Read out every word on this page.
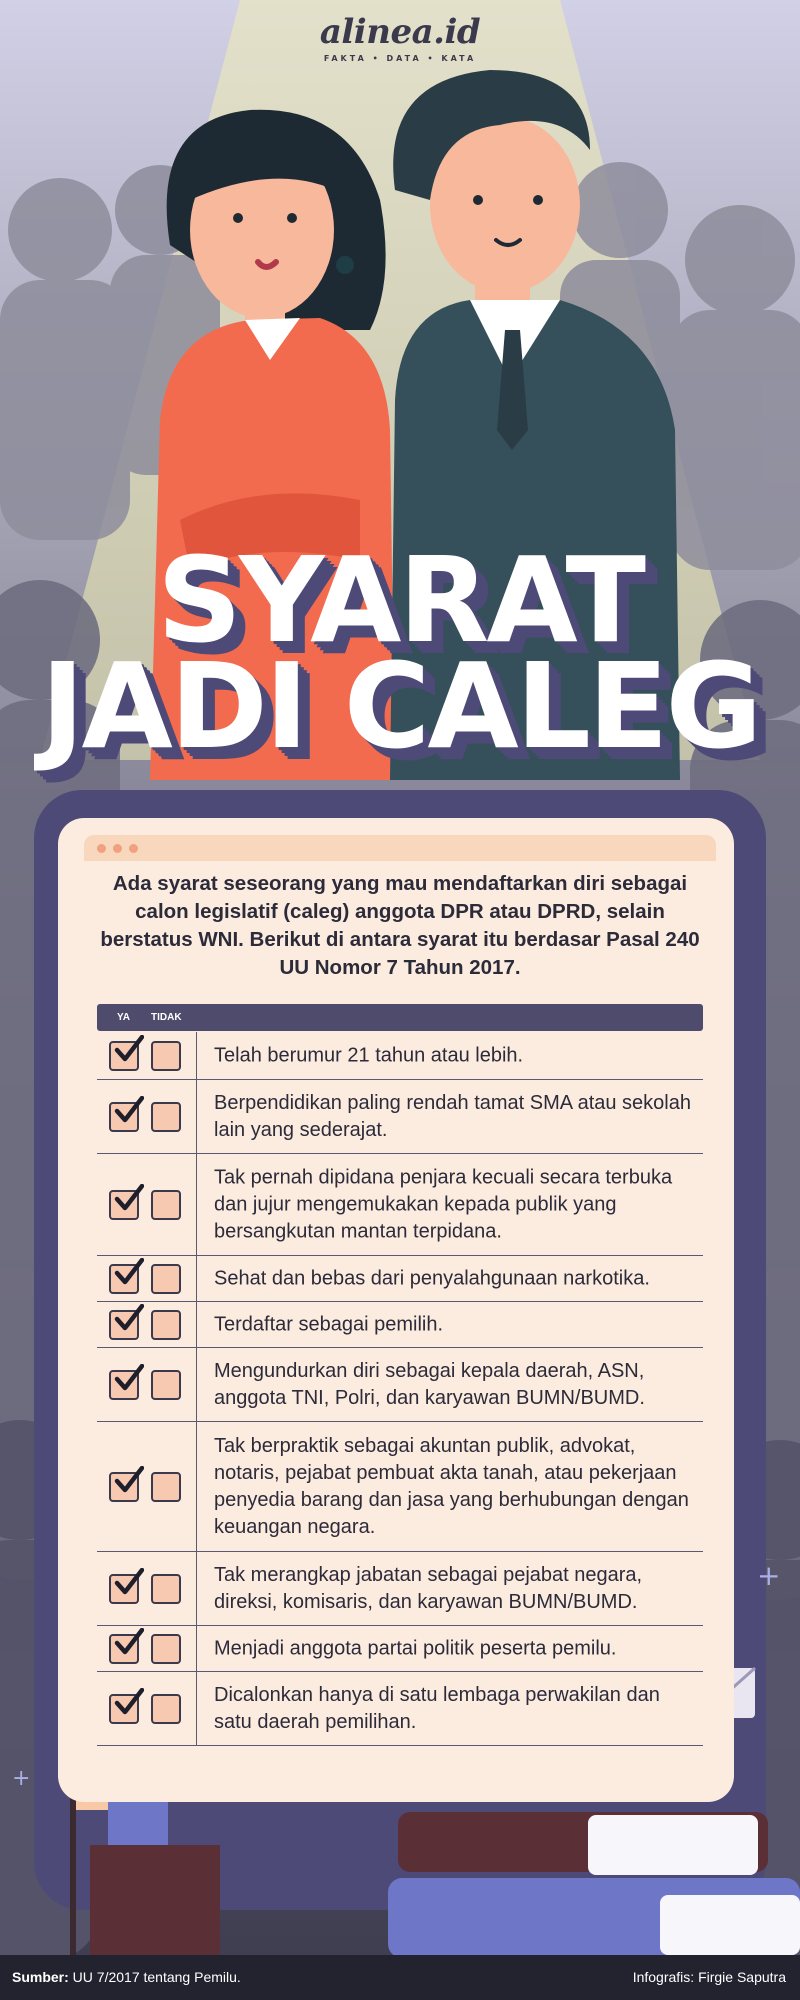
+
+
alinea.id
FAKTA • DATA • KATA
SYARAT
JADI CALEG
Ada syarat seseorang yang mau mendaftarkan diri sebagai calon legislatif (caleg) anggota DPR atau DPRD, selain berstatus WNI. Berikut di antara syarat itu berdasar Pasal 240 UU Nomor 7 Tahun 2017.
YA TIDAK
Telah berumur 21 tahun atau lebih.
Berpendidikan paling rendah tamat SMA atau sekolah lain yang sederajat.
Tak pernah dipidana penjara kecuali secara terbuka dan jujur mengemukakan kepada publik yang bersangkutan mantan terpidana.
Sehat dan bebas dari penyalahgunaan narkotika.
Terdaftar sebagai pemilih.
Mengundurkan diri sebagai kepala daerah, ASN, anggota TNI, Polri, dan karyawan BUMN/BUMD.
Tak berpraktik sebagai akuntan publik, advokat, notaris, pejabat pembuat akta tanah, atau pekerjaan penyedia barang dan jasa yang berhubungan dengan keuangan negara.
Tak merangkap jabatan sebagai pejabat negara, direksi, komisaris, dan karyawan BUMN/BUMD.
Menjadi anggota partai politik peserta pemilu.
Dicalonkan hanya di satu lembaga perwakilan dan satu daerah pemilihan.
Sumber: UU 7/2017 tentang Pemilu.	Infografis: Firgie Saputra
